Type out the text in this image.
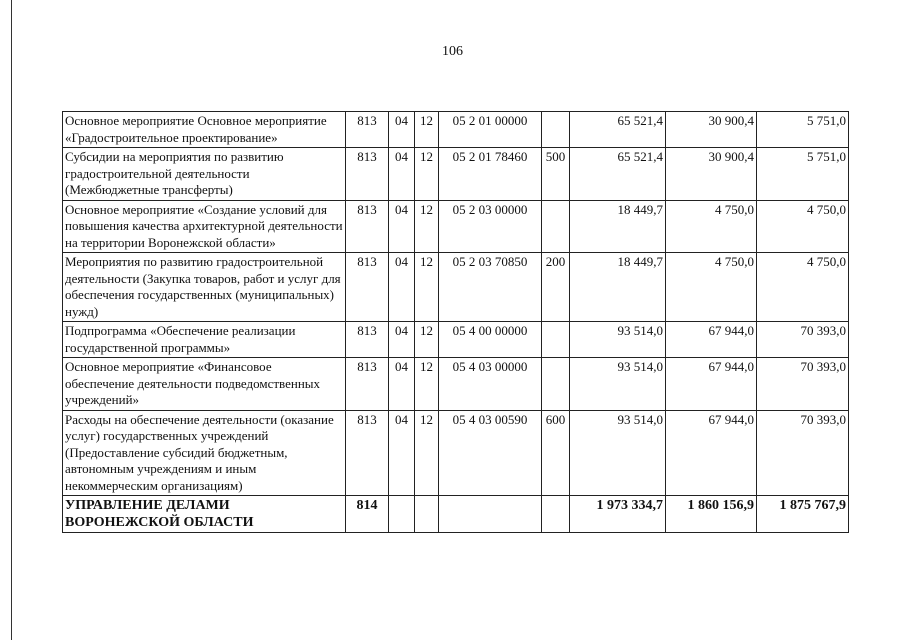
106
Основное мероприятие Основное мероприятие «Градостроительное проектирование»	813	04	12	05 2 01 00000		65 521,4	30 900,4	5 751,0
Субсидии на мероприятия по развитию градостроительной деятельности (Межбюджетные трансферты)	813	04	12	05 2 01 78460	500	65 521,4	30 900,4	5 751,0
Основное мероприятие «Создание условий для повышения качества архитектурной деятельности на территории Воронежской области»	813	04	12	05 2 03 00000		18 449,7	4 750,0	4 750,0
Мероприятия по развитию градостроительной деятельности (Закупка товаров, работ и услуг для обеспечения государственных (муниципальных) нужд)	813	04	12	05 2 03 70850	200	18 449,7	4 750,0	4 750,0
Подпрограмма «Обеспечение реализации государственной программы»	813	04	12	05 4 00 00000		93 514,0	67 944,0	70 393,0
Основное мероприятие «Финансовое обеспечение деятельности подведомственных учреждений»	813	04	12	05 4 03 00000		93 514,0	67 944,0	70 393,0
Расходы на обеспечение деятельности (оказание услуг) государственных учреждений (Предоставление субсидий бюджетным, автономным учреждениям и иным некоммерческим организациям)	813	04	12	05 4 03 00590	600	93 514,0	67 944,0	70 393,0
УПРАВЛЕНИЕ ДЕЛАМИ ВОРОНЕЖСКОЙ ОБЛАСТИ	814					1 973 334,7	1 860 156,9	1 875 767,9
